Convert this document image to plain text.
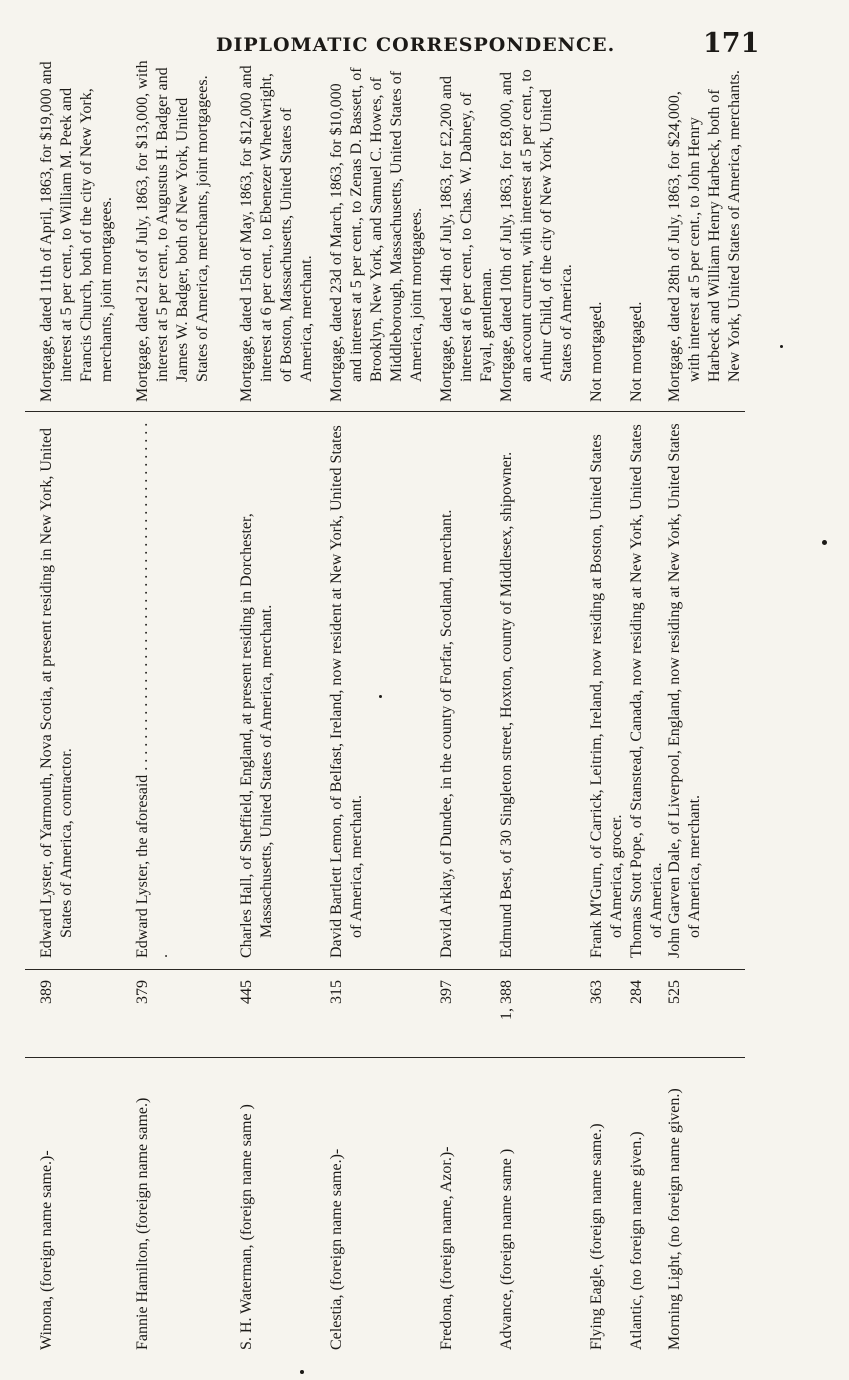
DIPLOMATIC CORRESPONDENCE.	171
Winona, (foreign name same.)-
389
Edward Lyster, of Yarmouth, Nova Scotia, at present residing in New York, United States of America, contractor.
Mortgage, dated 11th of April, 1863, for $19,000 and interest at 5 per cent., to William M. Peek and Francis Church, both of the city of New York, merchants, joint mortgagees.
Fannie Hamilton, (foreign name same.)
379
Edward Lyster, the aforesaid . . .
Mortgage, dated 21st of July, 1863, for $13,000, with interest at 5 per cent., to Augustus H. Badger and James W. Badger, both of New York, United States of America, merchants, joint mortgagees.
S. H. Waterman, (foreign name same )
445
Charles Hall, of Sheffield, England, at present residing in Dorchester, Massachusetts, United States of America, merchant.
Mortgage, dated 15th of May, 1863, for $12,000 and interest at 6 per cent., to Ebenezer Wheelwright, of Boston, Massachusetts, United States of America, merchant.
Celestia, (foreign name same.)-
315
David Bartlett Lemon, of Belfast, Ireland, now resident at New York, United States of America, merchant.
Mortgage, dated 23d of March, 1863, for $10,000 and interest at 5 per cent., to Zenas D. Bassett, of Brooklyn, New York, and Samuel C. Howes, of Middleborough, Massachusetts, United States of America, joint mortgagees.
Fredona, (foreign name, Azor.)-
397
David Arklay, of Dundee, in the county of Forfar, Scotland, merchant.
Mortgage, dated 14th of July, 1863, for £2,200 and interest at 6 per cent., to Chas. W. Dabney, of Fayal, gentleman.
Advance, (foreign name same )
1, 388
Edmund Best, of 30 Singleton street, Hoxton, county of Middlesex, shipowner.
Mortgage, dated 10th of July, 1863, for £8,000, and an account current, with interest at 5 per cent., to Arthur Child, of the city of New York, United States of America.
Flying Eagle, (foreign name same.)
363
Frank M'Gurn, of Carrick, Leitrim, Ireland, now residing at Boston, United States of America, grocer.
Not mortgaged.
Atlantic, (no foreign name given.)
284
Thomas Stott Pope, of Stanstead, Canada, now residing at New York, United States of America.
Not mortgaged.
Morning Light, (no foreign name given.)
525
John Garven Dale, of Liverpool, England, now residing at New York, United States of America, merchant.
Mortgage, dated 28th of July, 1863, for $24,000, with interest at 5 per cent., to John Henry Harbeck and William Henry Harbeck, both of New York, United States of America, merchants.
